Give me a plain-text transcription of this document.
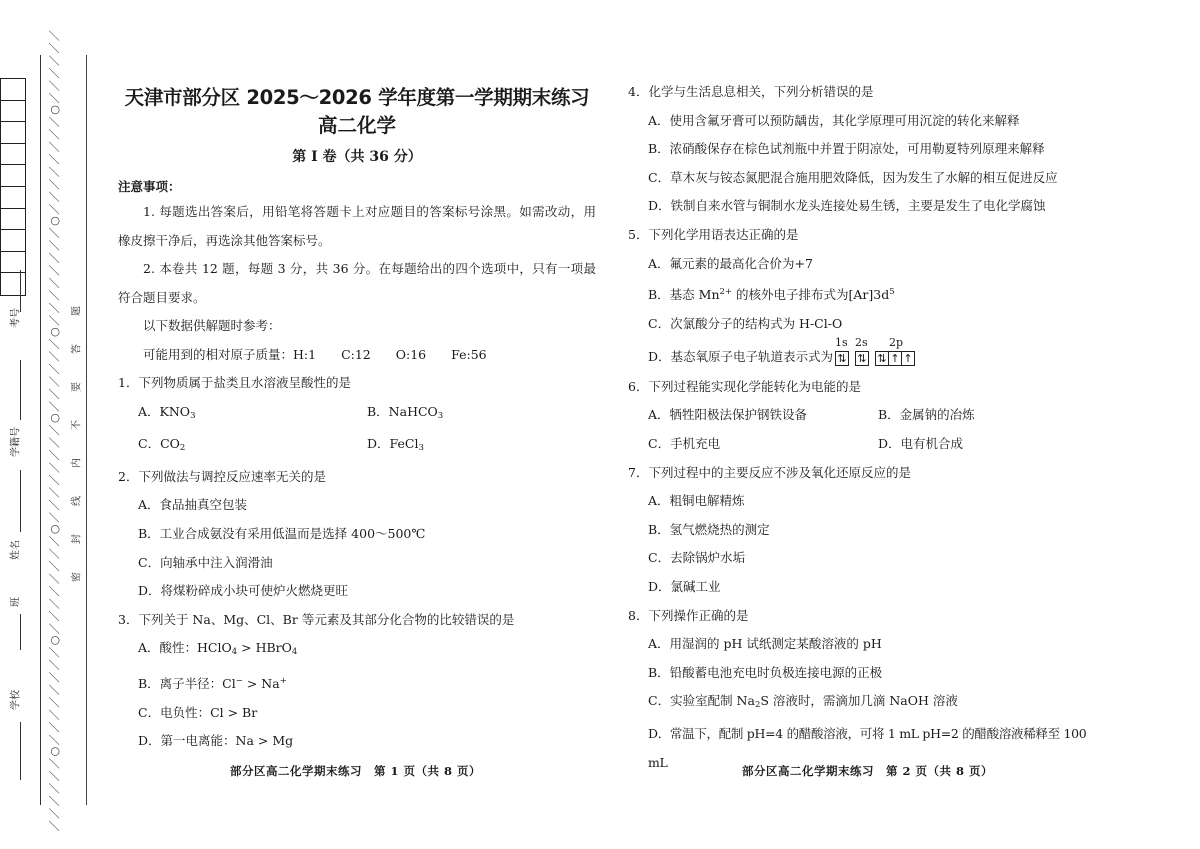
学校
班
姓名
学籍号
考号 ／／／／／／○／／／／／／／／○／／／／／／／／○／／／／／／／／○／／／／／／○／／／／／／／／○／／／／／／／／○／／／／／／	密封线内不要答题
天津市部分区 2025～2026 学年度第一学期期末练习
高二化学
第 Ⅰ 卷（共 36 分）
注意事项：
1. 每题选出答案后，用铅笔将答题卡上对应题目的答案标号涂黑。如需改动，用橡皮擦干净后，再选涂其他答案标号。
2. 本卷共 12 题，每题 3 分，共 36 分。在每题给出的四个选项中，只有一项最符合题目要求。
以下数据供解题时参考：
可能用到的相对原子质量：H:1　　C:12　　O:16　　Fe:56
1．下列物质属于盐类且水溶液呈酸性的是
A．$KNO_3$	B．NaHCO$_3$
C．$CO_2$	D．FeCl$_3$
2．下列做法与调控反应速率无关的是
A．食品抽真空包装
B．工业合成氨没有采用低温而是选择 400～500℃
C．向轴承中注入润滑油
D．将煤粉碎成小块可使炉火燃烧更旺
3．下列关于 Na、Mg、Cl、Br 等元素及其部分化合物的比较错误的是
A．酸性：HClO$_4$ > HBrO$_4$
B．离子半径：Cl− > Na+
C．电负性：Cl > Br
D．第一电离能：Na > Mg
部分区高二化学期末练习　第 1 页（共 8 页）
4．化学与生活息息相关，下列分析错误的是
A．使用含氟牙膏可以预防龋齿，其化学原理可用沉淀的转化来解释
B．浓硝酸保存在棕色试剂瓶中并置于阴凉处，可用勒夏特列原理来解释
C．草木灰与铵态氮肥混合施用肥效降低，因为发生了水解的相互促进反应
D．铁制自来水管与铜制水龙头连接处易生锈，主要是发生了电化学腐蚀
5．下列化学用语表达正确的是
A．氟元素的最高化合价为+7
B．基态 $Mn^{2+}$ 的核外电子排布式为$[Ar]3d^5$
C．次氯酸分子的结构式为 H-Cl-O
D．基态氧原子电子轨道表示式为 ⇅
1s
⇅
2s
⇅ ↑ ↑
2p
6．下列过程能实现化学能转化为电能的是
A．牺牲阳极法保护钢铁设备	B．金属钠的冶炼
C．手机充电	D．电有机合成
7．下列过程中的主要反应不涉及氧化还原反应的是
A．粗铜电解精炼
B．氢气燃烧热的测定
C．去除锅炉水垢
D．氯碱工业
8．下列操作正确的是
A．用湿润的 pH 试纸测定某酸溶液的 pH
B．铅酸蓄电池充电时负极连接电源的正极
C．实验室配制 $Na_2S$ 溶液时，需滴加几滴 NaOH 溶液
D．常温下，配制 pH=4 的醋酸溶液，可将 1 mL pH=2 的醋酸溶液稀释至 100 mL
部分区高二化学期末练习　第 2 页（共 8 页）
